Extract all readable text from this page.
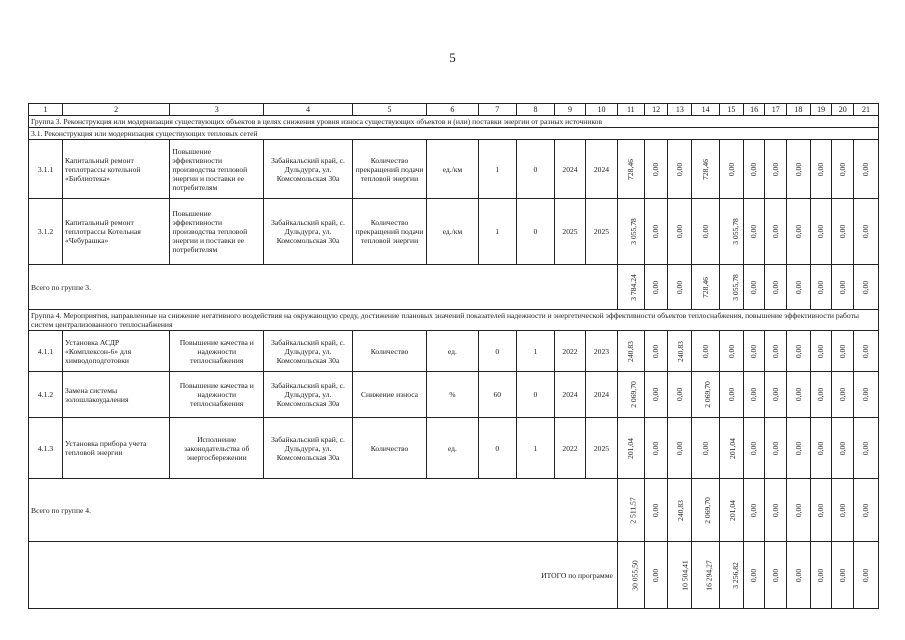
5
1	2	3	4	5	6	7	8	9	10	11	12	13	14	15	16	17	18	19	20	21
Группа 3. Реконструкция или модернизация существующих объектов в целях снижения уровня износа существующих объектов и (или) поставки энергии от разных источников																				
3.1. Реконструкция или модернизация существующих тепловых сетей																				
3.1.1	Капитальный ремонт теплотрассы котельной «Библиотека»	Повышение эффективности производства тепловой энергии и поставки ее потребителям	Забайкальский край, с. Дульдурга, ул. Комсомольская 30а	Количество прекращений подачи тепловой энергии	ед./км	1	0	2024	2024	728,46	0,00	0,00	728,46	0,00	0,00	0,00	0,00	0,00	0,00	0,00
3.1.2	Капитальный ремонт теплотрассы Котельная «Чебурашка»	Повышение эффективности производства тепловой энергии и поставки ее потребителям	Забайкальский край, с. Дульдурга, ул. Комсомольская 30а	Количество прекращений подачи тепловой энергии	ед./км	1	0	2025	2025	3 055,78	0,00	0,00	0,00	3 055,78	0,00	0,00	0,00	0,00	0,00	0,00
Всего по группе 3.										3 784,24	0,00	0,00	728,46	3 055,78	0,00	0,00	0,00	0,00	0,00	0,00
Группа 4. Мероприятия, направленные на снижение негативного воздействия на окружающую среду, достижение плановых значений показателей надежности и энергетической эффективности объектов теплоснабжения, повышение эффективности работы систем централизованного теплоснабжения																				
4.1.1	Установка АСДР «Комплексон-6» для химводоподготовки	Повышение качества и надежности теплоснабжения	Забайкальский край, с. Дульдурга, ул. Комсомольская 30а	Количество	ед.	0	1	2022	2023	240,83	0,00	240,83	0,00	0,00	0,00	0,00	0,00	0,00	0,00	0,00
4.1.2	Замена системы золошлакоудаления	Повышение качества и надежности теплоснабжения	Забайкальский край, с. Дульдурга, ул. Комсомольская 30а	Снижение износа	%	60	0	2024	2024	2 069,70	0,00	0,00	2 069,70	0,00	0,00	0,00	0,00	0,00	0,00	0,00
4.1.3	Установка прибора учета тепловой энергии	Исполнение законодательства об энергосбережении	Забайкальский край, с. Дульдурга, ул. Комсомольская 30а	Количество	ед.	0	1	2022	2025	201,04	0,00	0,00	0,00	201,04	0,00	0,00	0,00	0,00	0,00	0,00
Всего по группе 4.										2 511,57	0,00	240,83	2 069,70	201,04	0,00	0,00	0,00	0,00	0,00	0,00
ИТОГО по программе										30 055,50	0,00	10 504,41	16 294,27	3 256,82	0,00	0,00	0,00	0,00	0,00	0,00
